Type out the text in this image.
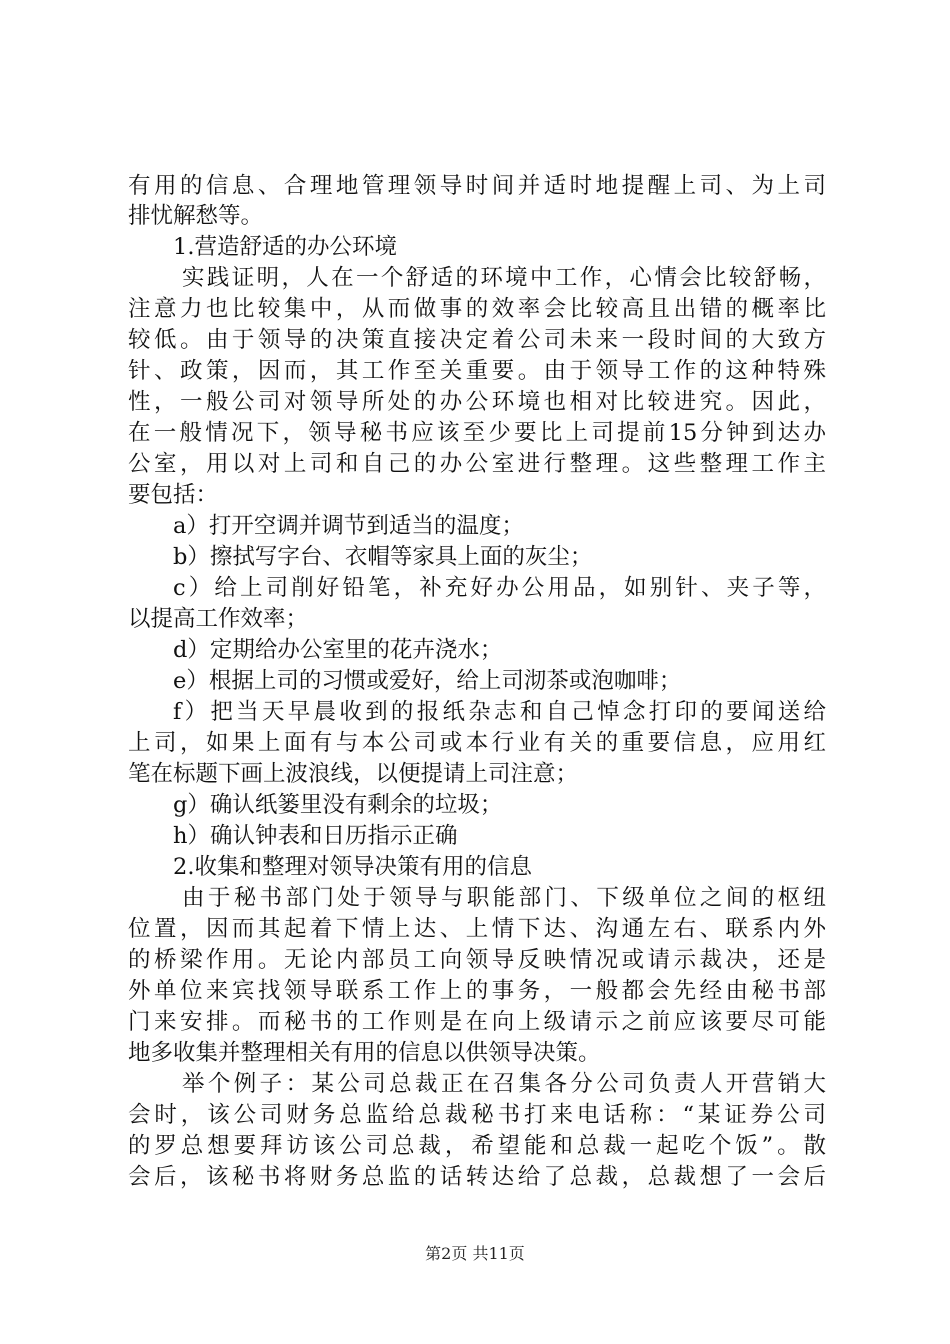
有用的信息、合理地管理领导时间并适时地提醒上司、为上司
排忧解愁等。
1.营造舒适的办公环境
实践证明，人在一个舒适的环境中工作，心情会比较舒畅，
注意力也比较集中，从而做事的效率会比较高且出错的概率比
较低。由于领导的决策直接决定着公司未来一段时间的大致方
针、政策，因而，其工作至关重要。由于领导工作的这种特殊
性，一般公司对领导所处的办公环境也相对比较进究。因此，
在一般情况下，领导秘书应该至少要比上司提前15分钟到达办
公室，用以对上司和自己的办公室进行整理。这些整理工作主
要包括：
a）打开空调并调节到适当的温度；
b）擦拭写字台、衣帽等家具上面的灰尘；
c）给上司削好铅笔，补充好办公用品，如别针、夹子等，
以提高工作效率；
d）定期给办公室里的花卉浇水；
e）根据上司的习惯或爱好，给上司沏茶或泡咖啡；
f）把当天早晨收到的报纸杂志和自己悼念打印的要闻送给
上司，如果上面有与本公司或本行业有关的重要信息，应用红
笔在标题下画上波浪线，以便提请上司注意；
g）确认纸篓里没有剩余的垃圾；
h）确认钟表和日历指示正确
2.收集和整理对领导决策有用的信息
由于秘书部门处于领导与职能部门、下级单位之间的枢纽
位置，因而其起着下情上达、上情下达、沟通左右、联系内外
的桥梁作用。无论内部员工向领导反映情况或请示裁决，还是
外单位来宾找领导联系工作上的事务，一般都会先经由秘书部
门来安排。而秘书的工作则是在向上级请示之前应该要尽可能
地多收集并整理相关有用的信息以供领导决策。
举个例子：某公司总裁正在召集各分公司负责人开营销大
会时，该公司财务总监给总裁秘书打来电话称：“某证券公司
的罗总想要拜访该公司总裁，希望能和总裁一起吃个饭”。散
会后，该秘书将财务总监的话转达给了总裁，总裁想了一会后
第2页 共11页
